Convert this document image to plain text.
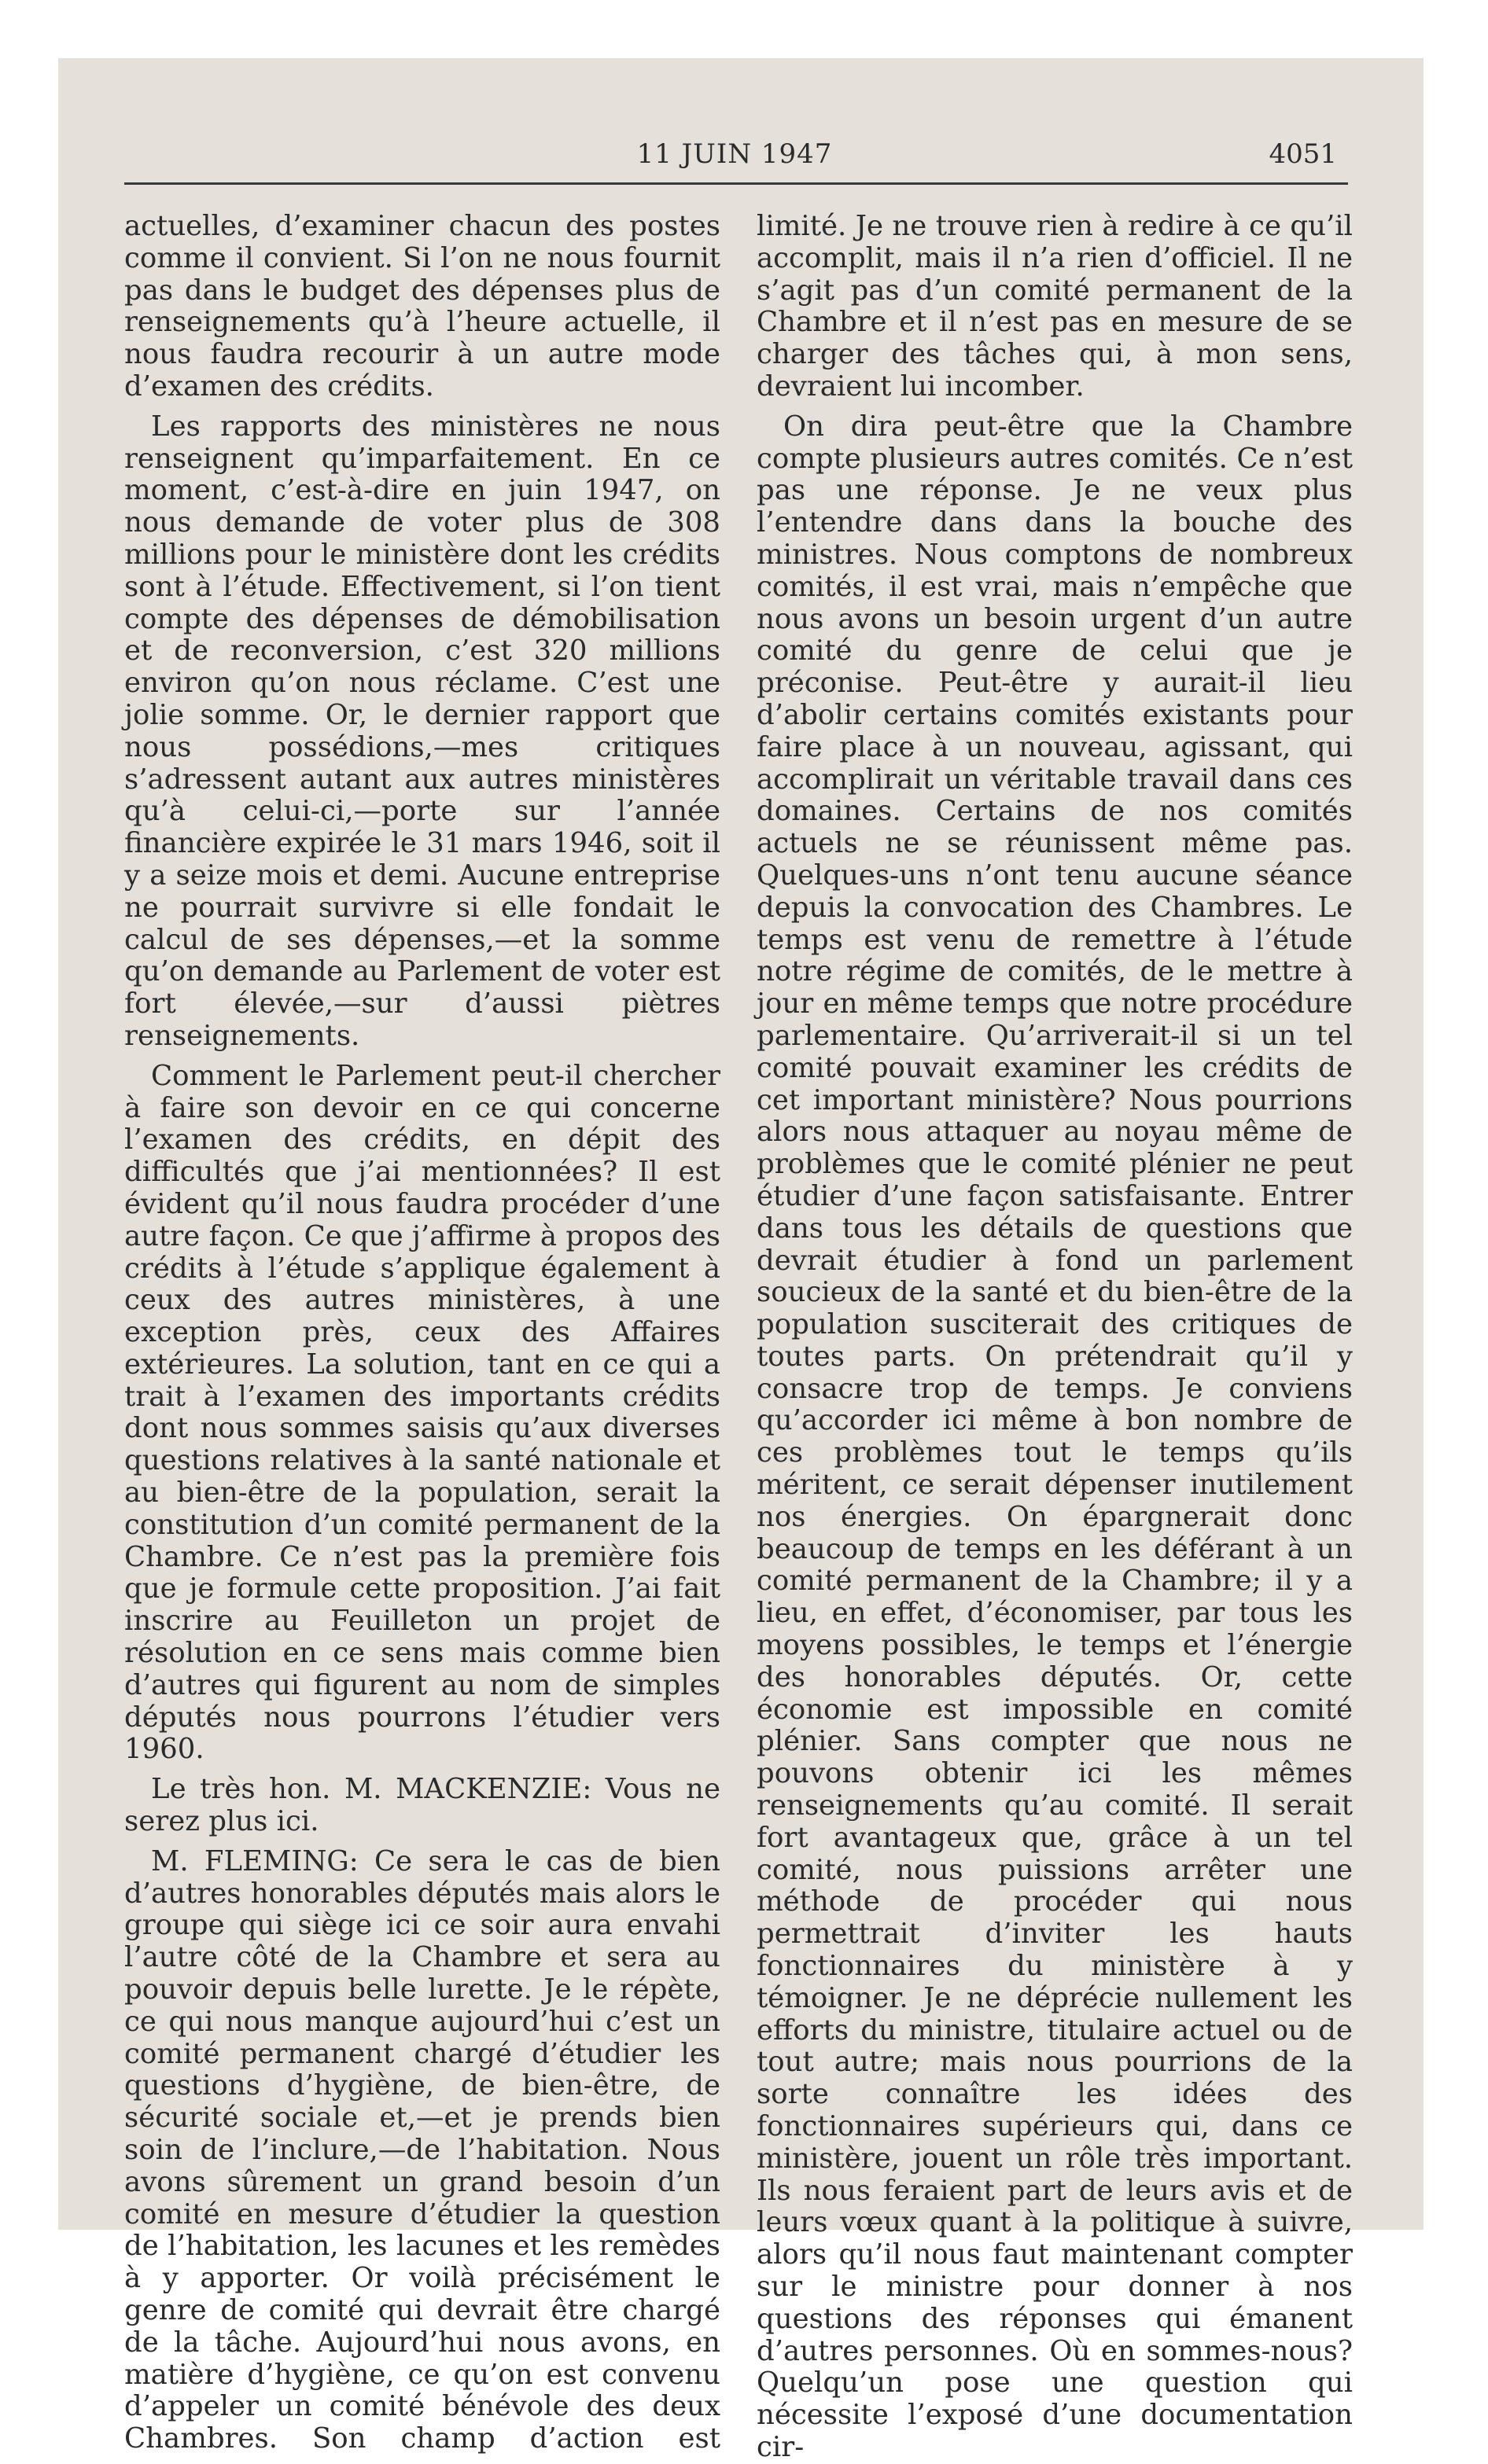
11 JUIN 1947	4051

actuelles, d’examiner chacun des postes comme il convient. Si l’on ne nous fournit pas dans le budget des dépenses plus de renseignements qu’à l’heure actuelle, il nous faudra recourir à un autre mode d’examen des crédits.

Les rapports des ministères ne nous renseignent qu’imparfaitement. En ce moment, c’est-à-dire en juin 1947, on nous demande de voter plus de 308 millions pour le ministère dont les crédits sont à l’étude. Effectivement, si l’on tient compte des dépenses de démobilisation et de reconversion, c’est 320 millions environ qu’on nous réclame. C’est une jolie somme. Or, le dernier rapport que nous possédions,—mes critiques s’adressent autant aux autres ministères qu’à celui-ci,—porte sur l’année financière expirée le 31 mars 1946, soit il y a seize mois et demi. Aucune entreprise ne pourrait survivre si elle fondait le calcul de ses dépenses,—et la somme qu’on demande au Parlement de voter est fort élevée,—sur d’aussi piètres renseignements.

Comment le Parlement peut-il chercher à faire son devoir en ce qui concerne l’examen des crédits, en dépit des difficultés que j’ai mentionnées? Il est évident qu’il nous faudra procéder d’une autre façon. Ce que j’affirme à propos des crédits à l’étude s’applique également à ceux des autres ministères, à une exception près, ceux des Affaires extérieures. La solution, tant en ce qui a trait à l’examen des importants crédits dont nous sommes saisis qu’aux diverses questions relatives à la santé nationale et au bien-être de la population, serait la constitution d’un comité permanent de la Chambre. Ce n’est pas la première fois que je formule cette proposition. J’ai fait inscrire au Feuilleton un projet de résolution en ce sens mais comme bien d’autres qui figurent au nom de simples députés nous pourrons l’étudier vers 1960.

Le très hon. M. MACKENZIE: Vous ne serez plus ici.

M. FLEMING: Ce sera le cas de bien d’autres honorables députés mais alors le groupe qui siège ici ce soir aura envahi l’autre côté de la Chambre et sera au pouvoir depuis belle lurette. Je le répète, ce qui nous manque aujourd’hui c’est un comité permanent chargé d’étudier les questions d’hygiène, de bien-être, de sécurité sociale et,—et je prends bien soin de l’inclure,—de l’habitation. Nous avons sûrement un grand besoin d’un comité en mesure d’étudier la question de l’habitation, les lacunes et les remèdes à y apporter. Or voilà précisément le genre de comité qui devrait être chargé de la tâche. Aujourd’hui nous avons, en matière d’hygiène, ce qu’on est convenu d’appeler un comité bénévole des deux Chambres. Son champ d’action est

limité. Je ne trouve rien à redire à ce qu’il accomplit, mais il n’a rien d’officiel. Il ne s’agit pas d’un comité permanent de la Chambre et il n’est pas en mesure de se charger des tâches qui, à mon sens, devraient lui incomber.

On dira peut-être que la Chambre compte plusieurs autres comités. Ce n’est pas une réponse. Je ne veux plus l’entendre dans dans la bouche des ministres. Nous comptons de nombreux comités, il est vrai, mais n’empêche que nous avons un besoin urgent d’un autre comité du genre de celui que je préconise. Peut-être y aurait-il lieu d’abolir certains comités existants pour faire place à un nouveau, agissant, qui accomplirait un véritable travail dans ces domaines. Certains de nos comités actuels ne se réunissent même pas. Quelques-uns n’ont tenu aucune séance depuis la convocation des Chambres. Le temps est venu de remettre à l’étude notre régime de comités, de le mettre à jour en même temps que notre procédure parlementaire. Qu’arriverait-il si un tel comité pouvait examiner les crédits de cet important ministère? Nous pourrions alors nous attaquer au noyau même de problèmes que le comité plénier ne peut étudier d’une façon satisfaisante. Entrer dans tous les détails de questions que devrait étudier à fond un parlement soucieux de la santé et du bien-être de la population susciterait des critiques de toutes parts. On prétendrait qu’il y consacre trop de temps. Je conviens qu’accorder ici même à bon nombre de ces problèmes tout le temps qu’ils méritent, ce serait dépenser inutilement nos énergies. On épargnerait donc beaucoup de temps en les déférant à un comité permanent de la Chambre; il y a lieu, en effet, d’économiser, par tous les moyens possibles, le temps et l’énergie des honorables députés. Or, cette économie est impossible en comité plénier. Sans compter que nous ne pouvons obtenir ici les mêmes renseignements qu’au comité. Il serait fort avantageux que, grâce à un tel comité, nous puissions arrêter une méthode de procéder qui nous permettrait d’inviter les hauts fonctionnaires du ministère à y témoigner. Je ne déprécie nullement les efforts du ministre, titulaire actuel ou de tout autre; mais nous pourrions de la sorte connaître les idées des fonctionnaires supérieurs qui, dans ce ministère, jouent un rôle très important. Ils nous feraient part de leurs avis et de leurs vœux quant à la politique à suivre, alors qu’il nous faut maintenant compter sur le ministre pour donner à nos questions des réponses qui émanent d’autres personnes. Où en sommes-nous? Quelqu’un pose une question qui nécessite l’exposé d’une documentation cir-
